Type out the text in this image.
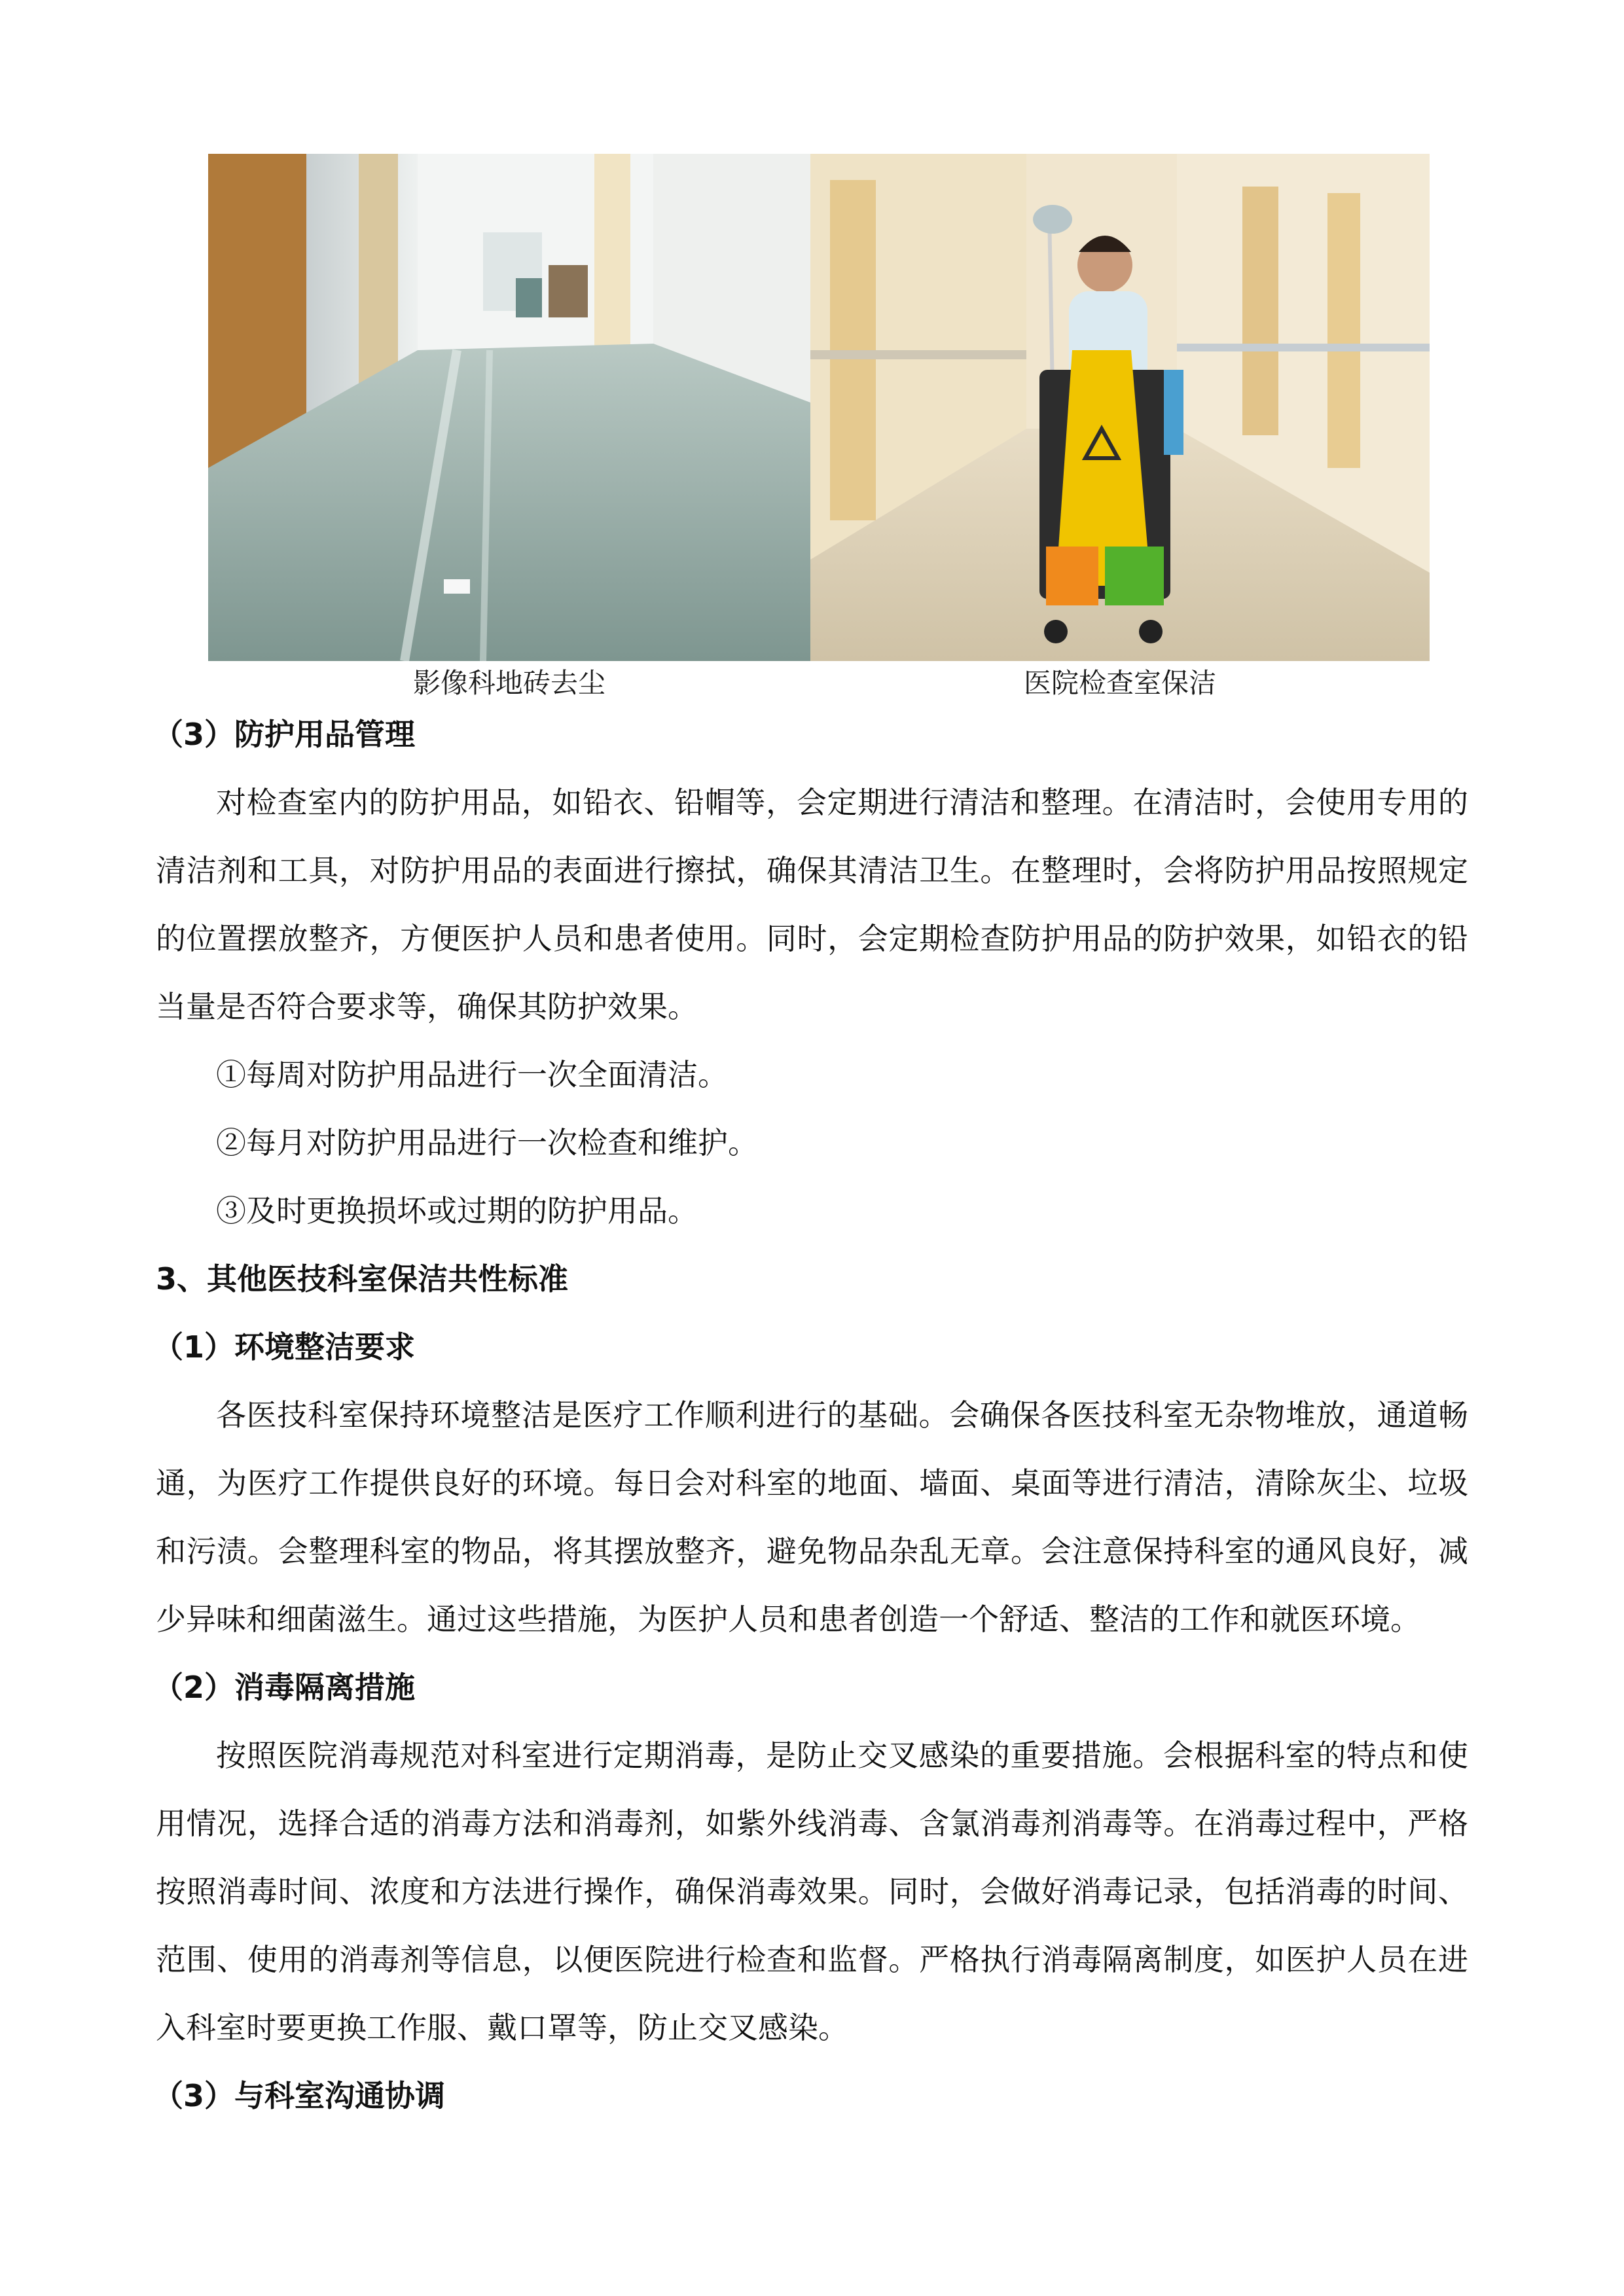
影像科地砖去尘	医院检查室保洁

（3）防护用品管理

对检查室内的防护用品，如铅衣、铅帽等，会定期进行清洁和整理。在清洁时，会使用专用的清洁剂和工具，对防护用品的表面进行擦拭，确保其清洁卫生。在整理时，会将防护用品按照规定的位置摆放整齐，方便医护人员和患者使用。同时，会定期检查防护用品的防护效果，如铅衣的铅当量是否符合要求等，确保其防护效果。

①每周对防护用品进行一次全面清洁。

②每月对防护用品进行一次检查和维护。

③及时更换损坏或过期的防护用品。

3、其他医技科室保洁共性标准

（1）环境整洁要求

各医技科室保持环境整洁是医疗工作顺利进行的基础。会确保各医技科室无杂物堆放，通道畅通，为医疗工作提供良好的环境。每日会对科室的地面、墙面、桌面等进行清洁，清除灰尘、垃圾和污渍。会整理科室的物品，将其摆放整齐，避免物品杂乱无章。会注意保持科室的通风良好，减少异味和细菌滋生。通过这些措施，为医护人员和患者创造一个舒适、整洁的工作和就医环境。

（2）消毒隔离措施

按照医院消毒规范对科室进行定期消毒，是防止交叉感染的重要措施。会根据科室的特点和使用情况，选择合适的消毒方法和消毒剂，如紫外线消毒、含氯消毒剂消毒等。在消毒过程中，严格按照消毒时间、浓度和方法进行操作，确保消毒效果。同时，会做好消毒记录，包括消毒的时间、范围、使用的消毒剂等信息，以便医院进行检查和监督。严格执行消毒隔离制度，如医护人员在进入科室时要更换工作服、戴口罩等，防止交叉感染。

（3）与科室沟通协调
